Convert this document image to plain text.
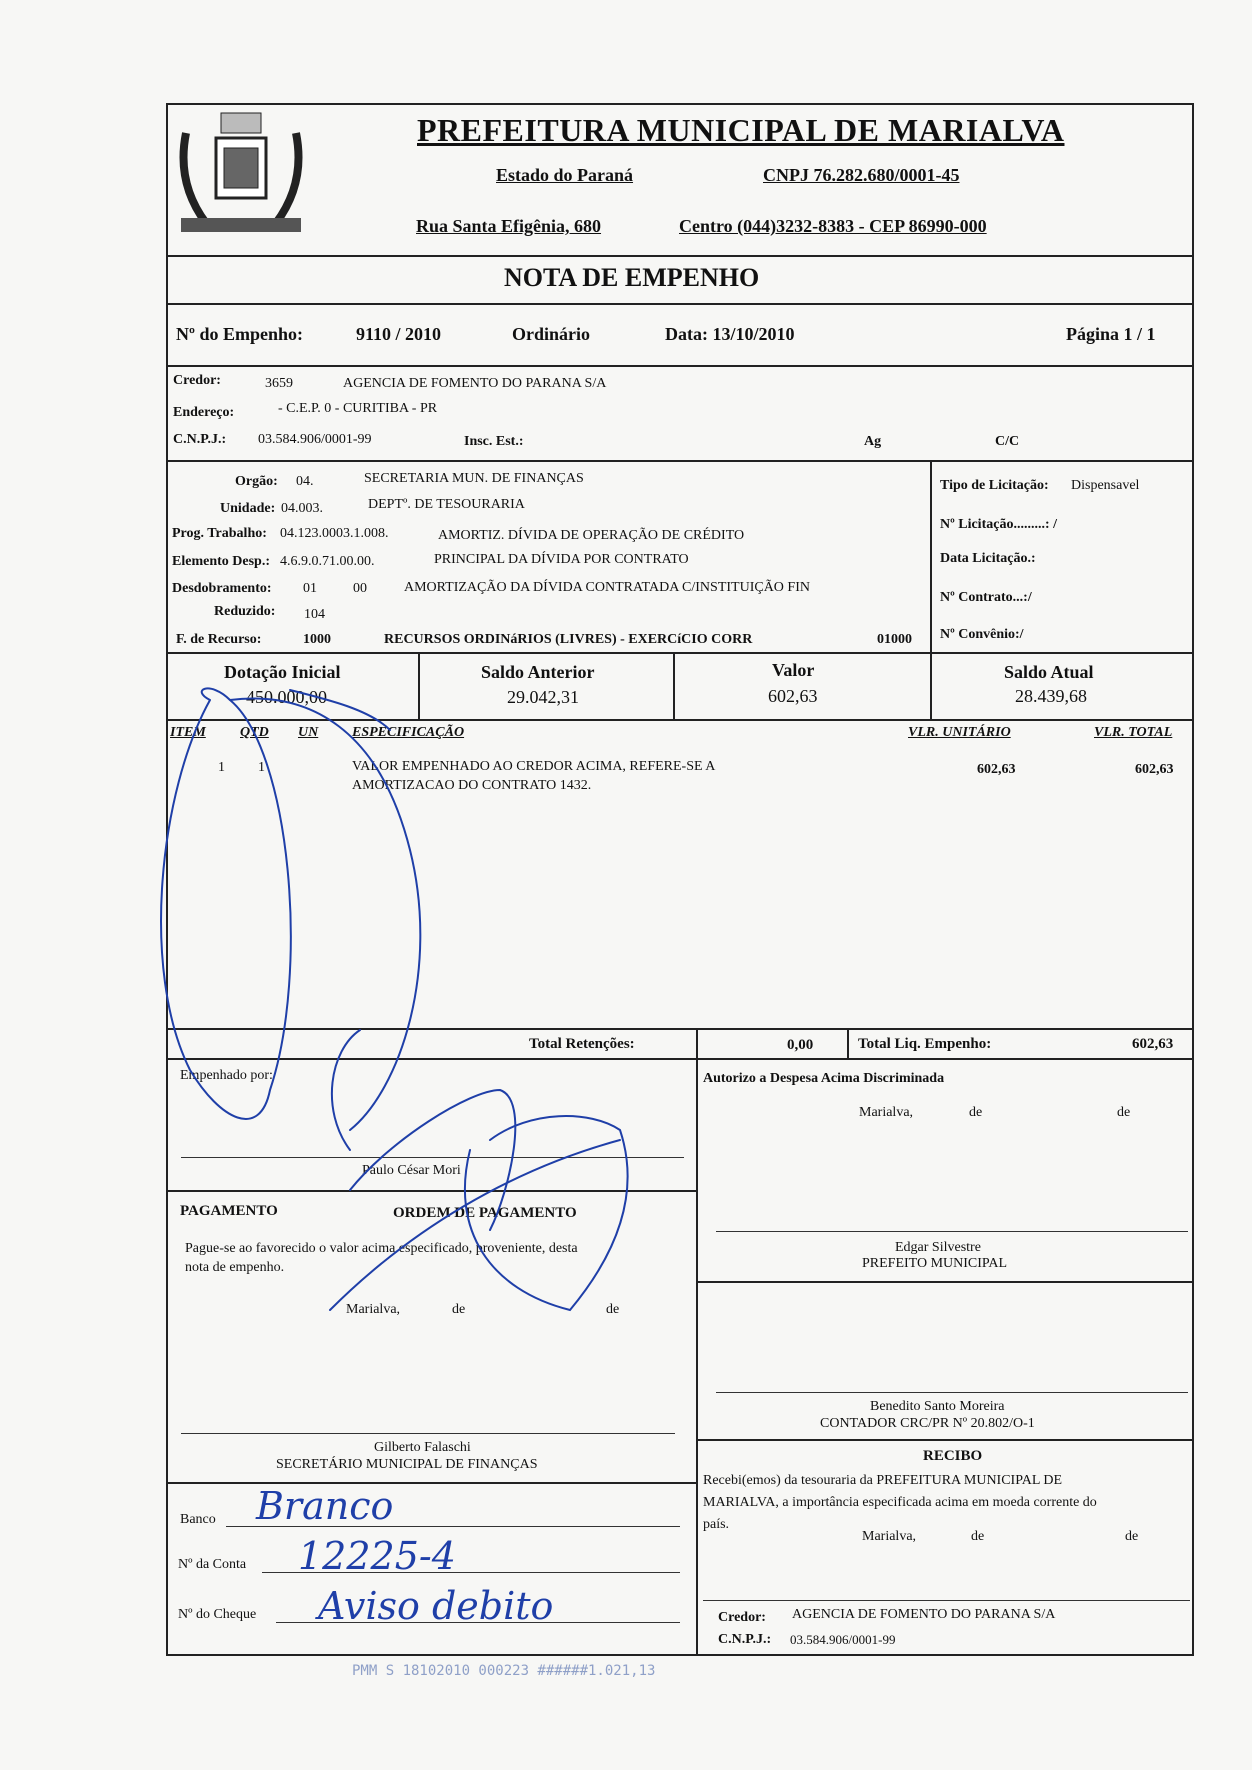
PREFEITURA MUNICIPAL DE MARIALVA
Estado do Paraná	CNPJ 76.282.680/0001-45
Rua Santa Efigênia, 680	Centro (044)3232-8383 - CEP 86990-000
NOTA DE EMPENHO
Nº do Empenho:	9110 / 2010	Ordinário	Data: 13/10/2010	Página 1 / 1
Credor:	3659	AGENCIA DE FOMENTO DO PARANA S/A
Endereço:	- C.E.P. 0 - CURITIBA - PR
C.N.P.J.: 03.584.906/0001-99	Insc. Est.:	Ag	C/C
Orgão: 04.	SECRETARIA MUN. DE FINANÇAS
Unidade: 04.003.	DEPTº. DE TESOURARIA
Prog. Trabalho: 04.123.0003.1.008.	AMORTIZ. DÍVIDA DE OPERAÇÃO DE CRÉDITO
Elemento Desp.: 4.6.9.0.71.00.00.	PRINCIPAL DA DÍVIDA POR CONTRATO
Desdobramento: 01	00	AMORTIZAÇÃO DA DÍVIDA CONTRATADA C/INSTITUIÇÃO FIN
Reduzido: 104
F. de Recurso:	1000	RECURSOS ORDINáRIOS (LIVRES) - EXERCíCIO CORR	01000
Tipo de Licitação: Dispensavel
Nº Licitação.........: /
Data Licitação.:
Nº Contrato...:/
Nº Convênio:/
Dotação Inicial
450.000,00
Saldo Anterior
29.042,31
Valor
602,63
Saldo Atual
28.439,68
ITEM QTD UN ESPECIFICAÇÃO	VLR. UNITÁRIO	VLR. TOTAL
1 1	VALOR EMPENHADO AO CREDOR ACIMA, REFERE-SE A
AMORTIZACAO DO CONTRATO 1432.
602,63	602,63
Total Retenções:	0,00	Total Liq. Empenho:	602,63
Empenhado por:
Paulo César Mori
PAGAMENTO	ORDEM DE PAGAMENTO
Pague-se ao favorecido o valor acima especificado, proveniente, desta
nota de empenho.
Marialva,	de	de
Gilberto Falaschi
SECRETÁRIO MUNICIPAL DE FINANÇAS
Banco Branco
Nº da Conta 12225-4
Nº do Cheque Aviso debito
Autorizo a Despesa Acima Discriminada
Marialva,	de	de
Edgar Silvestre
PREFEITO MUNICIPAL
Benedito Santo Moreira
CONTADOR CRC/PR Nº 20.802/O-1
RECIBO
Recebi(emos) da tesouraria da PREFEITURA MUNICIPAL DE
MARIALVA, a importância especificada acima em moeda corrente do
país.
Marialva,	de	de
Credor: AGENCIA DE FOMENTO DO PARANA S/A
C.N.P.J.: 03.584.906/0001-99
PMM S 18102010 000223 ######1.021,13
